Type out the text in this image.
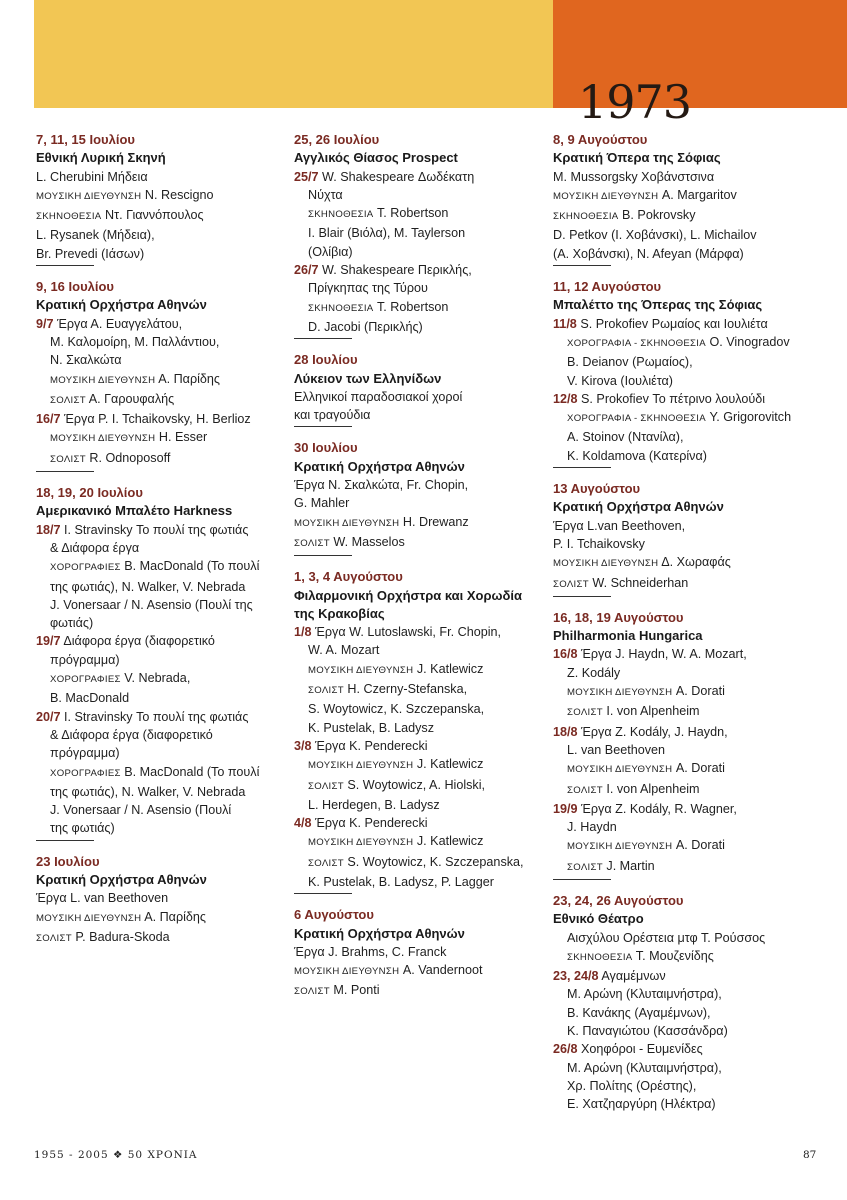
1973
7, 11, 15 Ιουλίου
Εθνική Λυρική Σκηνή
L. Cherubini Μήδεια
ΜΟΥΣΙΚΗ ΔΙΕΥΘΥΝΣΗ N. Rescigno
ΣΚΗΝΟΘΕΣΙΑ Ντ. Γιαννόπουλος
L. Rysanek (Μήδεια),
Br. Prevedi (Ιάσων)
9, 16 Ιουλίου
Κρατική Ορχήστρα Αθηνών
9/7 Έργα Α. Ευαγγελάτου,
Μ. Καλομοίρη, Μ. Παλλάντιου,
Ν. Σκαλκώτα
ΜΟΥΣΙΚΗ ΔΙΕΥΘΥΝΣΗ Α. Παρίδης
ΣΟΛΙΣΤ Α. Γαρουφαλής
16/7 Έργα P. I. Tchaikovsky, H. Berlioz
ΜΟΥΣΙΚΗ ΔΙΕΥΘΥΝΣΗ H. Esser
ΣΟΛΙΣΤ R. Odnoposoff
18, 19, 20 Ιουλίου
Αμερικανικό Μπαλέτο Harkness
18/7 I. Stravinsky Το πουλί της φωτιάς
& Διάφορα έργα
ΧΟΡΟΓΡΑΦΙΕΣ B. MacDonald (Το πουλί
της φωτιάς), N. Walker, V. Nebrada
J. Vonersaar / N. Asensio (Πουλί της
φωτιάς)
19/7 Διάφορα έργα (διαφορετικό
πρόγραμμα)
ΧΟΡΟΓΡΑΦΙΕΣ V. Nebrada,
B. MacDonald
20/7 I. Stravinsky Το πουλί της φωτιάς
& Διάφορα έργα (διαφορετικό
πρόγραμμα)
ΧΟΡΟΓΡΑΦΙΕΣ B. MacDonald (Το πουλί
της φωτιάς), N. Walker, V. Nebrada
J. Vonersaar / N. Asensio (Πουλί
της φωτιάς)
23 Ιουλίου
Κρατική Ορχήστρα Αθηνών
Έργα L. van Beethoven
ΜΟΥΣΙΚΗ ΔΙΕΥΘΥΝΣΗ Α. Παρίδης
ΣΟΛΙΣΤ P. Badura-Skoda
25, 26 Ιουλίου
Αγγλικός Θίασος Prospect
25/7 W. Shakespeare Δωδέκατη
Νύχτα
ΣΚΗΝΟΘΕΣΙΑ T. Robertson
I. Blair (Βιόλα), M. Taylerson
(Ολίβια)
26/7 W. Shakespeare Περικλής,
Πρίγκηπας της Τύρου
ΣΚΗΝΟΘΕΣΙΑ T. Robertson
D. Jacobi (Περικλής)
28 Ιουλίου
Λύκειον των Ελληνίδων
Ελληνικοί παραδοσιακοί χοροί
και τραγούδια
30 Ιουλίου
Κρατική Ορχήστρα Αθηνών
Έργα Ν. Σκαλκώτα, Fr. Chopin,
G. Mahler
ΜΟΥΣΙΚΗ ΔΙΕΥΘΥΝΣΗ H. Drewanz
ΣΟΛΙΣΤ W. Masselos
1, 3, 4 Αυγούστου
Φιλαρμονική Ορχήστρα και Χορωδία
της Κρακοβίας
1/8 Έργα W. Lutoslawski, Fr. Chopin,
W. A. Mozart
ΜΟΥΣΙΚΗ ΔΙΕΥΘΥΝΣΗ J. Katlewicz
ΣΟΛΙΣΤ H. Czerny-Stefanska,
S. Woytowicz, K. Szczepanska,
K. Pustelak, B. Ladysz
3/8 Έργα K. Penderecki
ΜΟΥΣΙΚΗ ΔΙΕΥΘΥΝΣΗ J. Katlewicz
ΣΟΛΙΣΤ S. Woytowicz, A. Hiolski,
L. Herdegen, B. Ladysz
4/8 Έργα K. Penderecki
ΜΟΥΣΙΚΗ ΔΙΕΥΘΥΝΣΗ J. Katlewicz
ΣΟΛΙΣΤ S. Woytowicz, K. Szczepanska,
K. Pustelak, B. Ladysz, P. Lagger
6 Αυγούστου
Κρατική Ορχήστρα Αθηνών
Έργα J. Brahms, C. Franck
ΜΟΥΣΙΚΗ ΔΙΕΥΘΥΝΣΗ A. Vandernoot
ΣΟΛΙΣΤ M. Ponti
8, 9 Αυγούστου
Κρατική Όπερα της Σόφιας
M. Mussorgsky Χοβάνστσινα
ΜΟΥΣΙΚΗ ΔΙΕΥΘΥΝΣΗ A. Margaritov
ΣΚΗΝΟΘΕΣΙΑ B. Pokrovsky
D. Petkov (Ι. Χοβάνσκι), L. Michailov
(Α. Χοβάνσκι), N. Afeyan (Μάρφα)
11, 12 Αυγούστου
Μπαλέττο της Όπερας της Σόφιας
11/8 S. Prokofiev Ρωμαίος και Ιουλιέτα
ΧΟΡΟΓΡΑΦΙΑ - ΣΚΗΝΟΘΕΣΙΑ O. Vinogradov
B. Deianov (Ρωμαίος),
V. Kirova (Ιουλιέτα)
12/8 S. Prokofiev Το πέτρινο λουλούδι
ΧΟΡΟΓΡΑΦΙΑ - ΣΚΗΝΟΘΕΣΙΑ Y. Grigorovitch
A. Stoinov (Ντανίλα),
K. Koldamova (Κατερίνα)
13 Αυγούστου
Κρατική Ορχήστρα Αθηνών
Έργα L.van Beethoven,
P. I. Tchaikovsky
ΜΟΥΣΙΚΗ ΔΙΕΥΘΥΝΣΗ Δ. Χωραφάς
ΣΟΛΙΣΤ W. Schneiderhan
16, 18, 19 Αυγούστου
Philharmonia Hungarica
16/8 Έργα J. Haydn, W. A. Mozart,
Z. Kodály
ΜΟΥΣΙΚΗ ΔΙΕΥΘΥΝΣΗ A. Dorati
ΣΟΛΙΣΤ I. von Alpenheim
18/8 Έργα Z. Kodály, J. Haydn,
L. van Beethoven
ΜΟΥΣΙΚΗ ΔΙΕΥΘΥΝΣΗ A. Dorati
ΣΟΛΙΣΤ I. von Alpenheim
19/9 Έργα Z. Kodály, R. Wagner,
J. Haydn
ΜΟΥΣΙΚΗ ΔΙΕΥΘΥΝΣΗ A. Dorati
ΣΟΛΙΣΤ J. Martin
23, 24, 26 Αυγούστου
Εθνικό Θέατρο
Αισχύλου Ορέστεια μτφ Τ. Ρούσσος
ΣΚΗΝΟΘΕΣΙΑ Τ. Μουζενίδης
23, 24/8 Αγαμέμνων
Μ. Αρώνη (Κλυταιμνήστρα),
Β. Κανάκης (Αγαμέμνων),
Κ. Παναγιώτου (Κασσάνδρα)
26/8 Χοηφόροι - Ευμενίδες
Μ. Αρώνη (Κλυταιμνήστρα),
Χρ. Πολίτης (Ορέστης),
Ε. Χατζηαργύρη (Ηλέκτρα)
1955 - 2005 ❖ 50 ΧΡΟΝΙΑ	87
